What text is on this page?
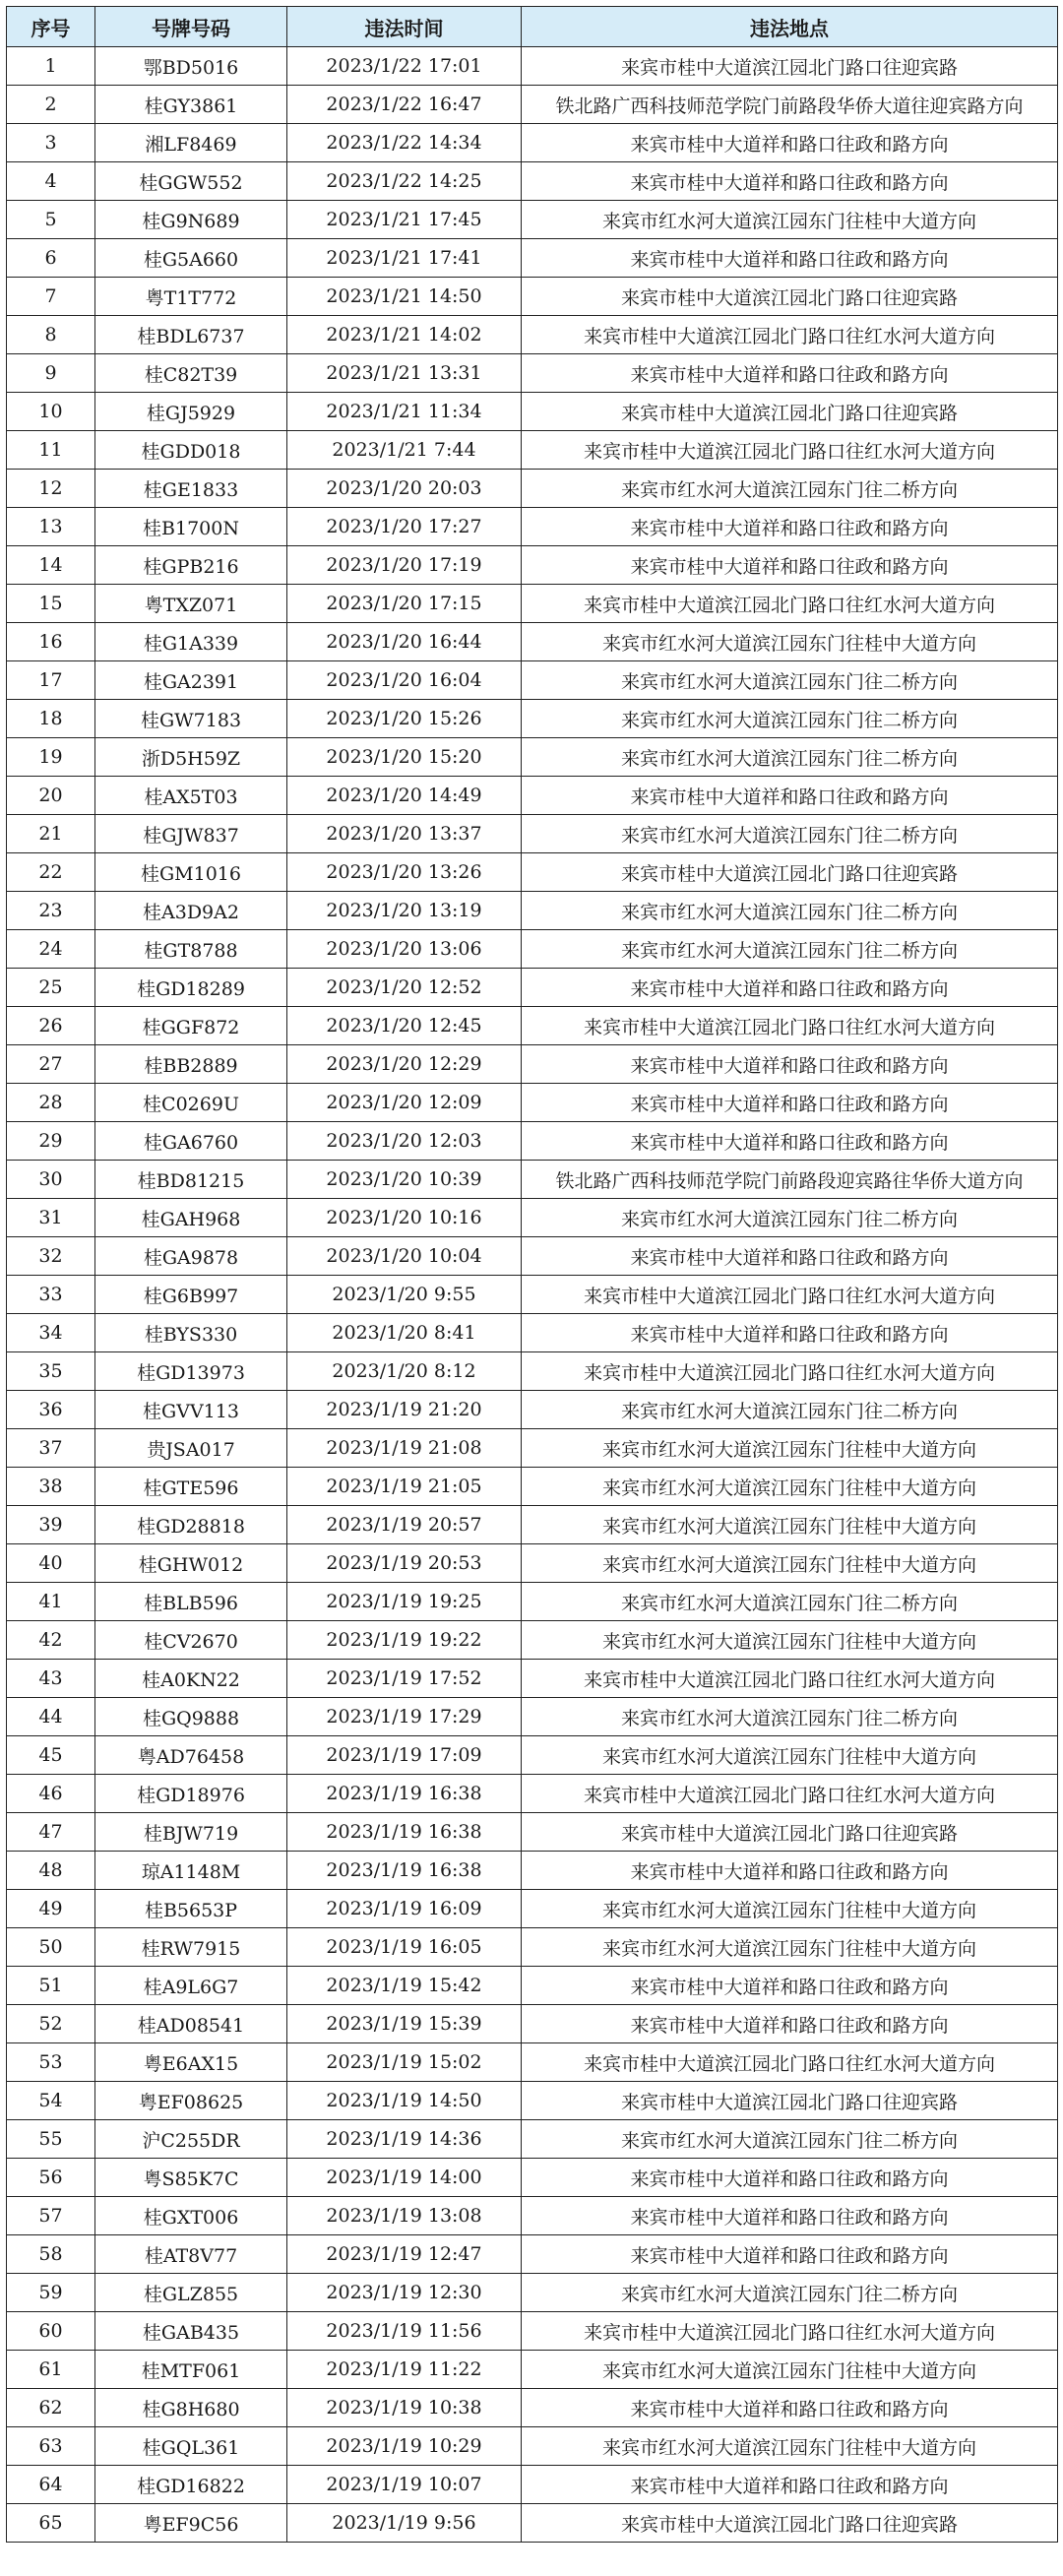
序号	号牌号码	违法时间	违法地点
1	鄂BD5016	2023/1/22 17:01	来宾市桂中大道滨江园北门路口往迎宾路
2	桂GY3861	2023/1/22 16:47	铁北路广西科技师范学院门前路段华侨大道往迎宾路方向
3	湘LF8469	2023/1/22 14:34	来宾市桂中大道祥和路口往政和路方向
4	桂GGW552	2023/1/22 14:25	来宾市桂中大道祥和路口往政和路方向
5	桂G9N689	2023/1/21 17:45	来宾市红水河大道滨江园东门往桂中大道方向
6	桂G5A660	2023/1/21 17:41	来宾市桂中大道祥和路口往政和路方向
7	粤T1T772	2023/1/21 14:50	来宾市桂中大道滨江园北门路口往迎宾路
8	桂BDL6737	2023/1/21 14:02	来宾市桂中大道滨江园北门路口往红水河大道方向
9	桂C82T39	2023/1/21 13:31	来宾市桂中大道祥和路口往政和路方向
10	桂GJ5929	2023/1/21 11:34	来宾市桂中大道滨江园北门路口往迎宾路
11	桂GDD018	2023/1/21 7:44	来宾市桂中大道滨江园北门路口往红水河大道方向
12	桂GE1833	2023/1/20 20:03	来宾市红水河大道滨江园东门往二桥方向
13	桂B1700N	2023/1/20 17:27	来宾市桂中大道祥和路口往政和路方向
14	桂GPB216	2023/1/20 17:19	来宾市桂中大道祥和路口往政和路方向
15	粤TXZ071	2023/1/20 17:15	来宾市桂中大道滨江园北门路口往红水河大道方向
16	桂G1A339	2023/1/20 16:44	来宾市红水河大道滨江园东门往桂中大道方向
17	桂GA2391	2023/1/20 16:04	来宾市红水河大道滨江园东门往二桥方向
18	桂GW7183	2023/1/20 15:26	来宾市红水河大道滨江园东门往二桥方向
19	浙D5H59Z	2023/1/20 15:20	来宾市红水河大道滨江园东门往二桥方向
20	桂AX5T03	2023/1/20 14:49	来宾市桂中大道祥和路口往政和路方向
21	桂GJW837	2023/1/20 13:37	来宾市红水河大道滨江园东门往二桥方向
22	桂GM1016	2023/1/20 13:26	来宾市桂中大道滨江园北门路口往迎宾路
23	桂A3D9A2	2023/1/20 13:19	来宾市红水河大道滨江园东门往二桥方向
24	桂GT8788	2023/1/20 13:06	来宾市红水河大道滨江园东门往二桥方向
25	桂GD18289	2023/1/20 12:52	来宾市桂中大道祥和路口往政和路方向
26	桂GGF872	2023/1/20 12:45	来宾市桂中大道滨江园北门路口往红水河大道方向
27	桂BB2889	2023/1/20 12:29	来宾市桂中大道祥和路口往政和路方向
28	桂C0269U	2023/1/20 12:09	来宾市桂中大道祥和路口往政和路方向
29	桂GA6760	2023/1/20 12:03	来宾市桂中大道祥和路口往政和路方向
30	桂BD81215	2023/1/20 10:39	铁北路广西科技师范学院门前路段迎宾路往华侨大道方向
31	桂GAH968	2023/1/20 10:16	来宾市红水河大道滨江园东门往二桥方向
32	桂GA9878	2023/1/20 10:04	来宾市桂中大道祥和路口往政和路方向
33	桂G6B997	2023/1/20 9:55	来宾市桂中大道滨江园北门路口往红水河大道方向
34	桂BYS330	2023/1/20 8:41	来宾市桂中大道祥和路口往政和路方向
35	桂GD13973	2023/1/20 8:12	来宾市桂中大道滨江园北门路口往红水河大道方向
36	桂GVV113	2023/1/19 21:20	来宾市红水河大道滨江园东门往二桥方向
37	贵JSA017	2023/1/19 21:08	来宾市红水河大道滨江园东门往桂中大道方向
38	桂GTE596	2023/1/19 21:05	来宾市红水河大道滨江园东门往桂中大道方向
39	桂GD28818	2023/1/19 20:57	来宾市红水河大道滨江园东门往桂中大道方向
40	桂GHW012	2023/1/19 20:53	来宾市红水河大道滨江园东门往桂中大道方向
41	桂BLB596	2023/1/19 19:25	来宾市红水河大道滨江园东门往二桥方向
42	桂CV2670	2023/1/19 19:22	来宾市红水河大道滨江园东门往桂中大道方向
43	桂A0KN22	2023/1/19 17:52	来宾市桂中大道滨江园北门路口往红水河大道方向
44	桂GQ9888	2023/1/19 17:29	来宾市红水河大道滨江园东门往二桥方向
45	粤AD76458	2023/1/19 17:09	来宾市红水河大道滨江园东门往桂中大道方向
46	桂GD18976	2023/1/19 16:38	来宾市桂中大道滨江园北门路口往红水河大道方向
47	桂BJW719	2023/1/19 16:38	来宾市桂中大道滨江园北门路口往迎宾路
48	琼A1148M	2023/1/19 16:38	来宾市桂中大道祥和路口往政和路方向
49	桂B5653P	2023/1/19 16:09	来宾市红水河大道滨江园东门往桂中大道方向
50	桂RW7915	2023/1/19 16:05	来宾市红水河大道滨江园东门往桂中大道方向
51	桂A9L6G7	2023/1/19 15:42	来宾市桂中大道祥和路口往政和路方向
52	桂AD08541	2023/1/19 15:39	来宾市桂中大道祥和路口往政和路方向
53	粤E6AX15	2023/1/19 15:02	来宾市桂中大道滨江园北门路口往红水河大道方向
54	粤EF08625	2023/1/19 14:50	来宾市桂中大道滨江园北门路口往迎宾路
55	沪C255DR	2023/1/19 14:36	来宾市红水河大道滨江园东门往二桥方向
56	粤S85K7C	2023/1/19 14:00	来宾市桂中大道祥和路口往政和路方向
57	桂GXT006	2023/1/19 13:08	来宾市桂中大道祥和路口往政和路方向
58	桂AT8V77	2023/1/19 12:47	来宾市桂中大道祥和路口往政和路方向
59	桂GLZ855	2023/1/19 12:30	来宾市红水河大道滨江园东门往二桥方向
60	桂GAB435	2023/1/19 11:56	来宾市桂中大道滨江园北门路口往红水河大道方向
61	桂MTF061	2023/1/19 11:22	来宾市红水河大道滨江园东门往桂中大道方向
62	桂G8H680	2023/1/19 10:38	来宾市桂中大道祥和路口往政和路方向
63	桂GQL361	2023/1/19 10:29	来宾市红水河大道滨江园东门往桂中大道方向
64	桂GD16822	2023/1/19 10:07	来宾市桂中大道祥和路口往政和路方向
65	粤EF9C56	2023/1/19 9:56	来宾市桂中大道滨江园北门路口往迎宾路
